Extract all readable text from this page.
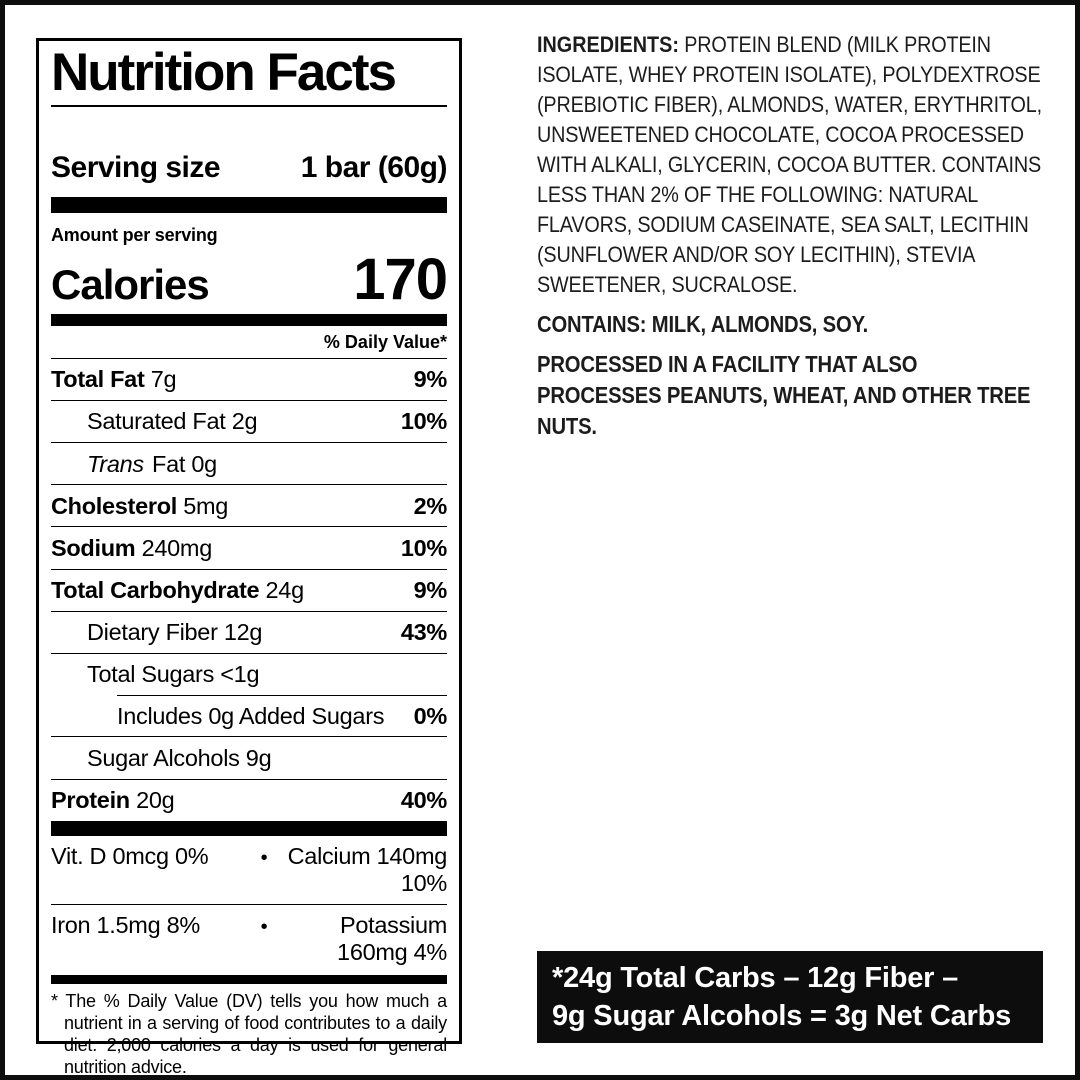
Nutrition Facts
Serving size	1 bar (60g)
Amount per serving
Calories 170
% Daily Value*
Total Fat 7g	9%
Saturated Fat 2g	10%
Trans Fat 0g
Cholesterol 5mg	2%
Sodium 240mg	10%
Total Carbohydrate 24g	9%
Dietary Fiber 12g	43%
Total Sugars <1g
Includes 0g Added Sugars 0%
Sugar Alcohols 9g
Protein 20g	40%
Vit. D 0mcg 0%	• Calcium 140mg 10%
Iron 1.5mg 8%	•	Potassium 160mg 4%

* The % Daily Value (DV) tells you how much a nutrient in a serving of food contributes to a daily diet. 2,000 calories a day is used for general nutrition advice.

INGREDIENTS: PROTEIN BLEND (MILK PROTEIN ISOLATE, WHEY PROTEIN ISOLATE), POLYDEXTROSE (PREBIOTIC FIBER), ALMONDS, WATER, ERYTHRITOL, UNSWEETENED CHOCOLATE, COCOA PROCESSED WITH ALKALI, GLYCERIN, COCOA BUTTER. CONTAINS LESS THAN 2% OF THE FOLLOWING: NATURAL FLAVORS, SODIUM CASEINATE, SEA SALT, LECITHIN (SUNFLOWER AND/OR SOY LECITHIN), STEVIA SWEETENER, SUCRALOSE.

CONTAINS: MILK, ALMONDS, SOY.

PROCESSED IN A FACILITY THAT ALSO PROCESSES PEANUTS, WHEAT, AND OTHER TREE NUTS.

*24g Total Carbs – 12g Fiber –
9g Sugar Alcohols = 3g Net Carbs
